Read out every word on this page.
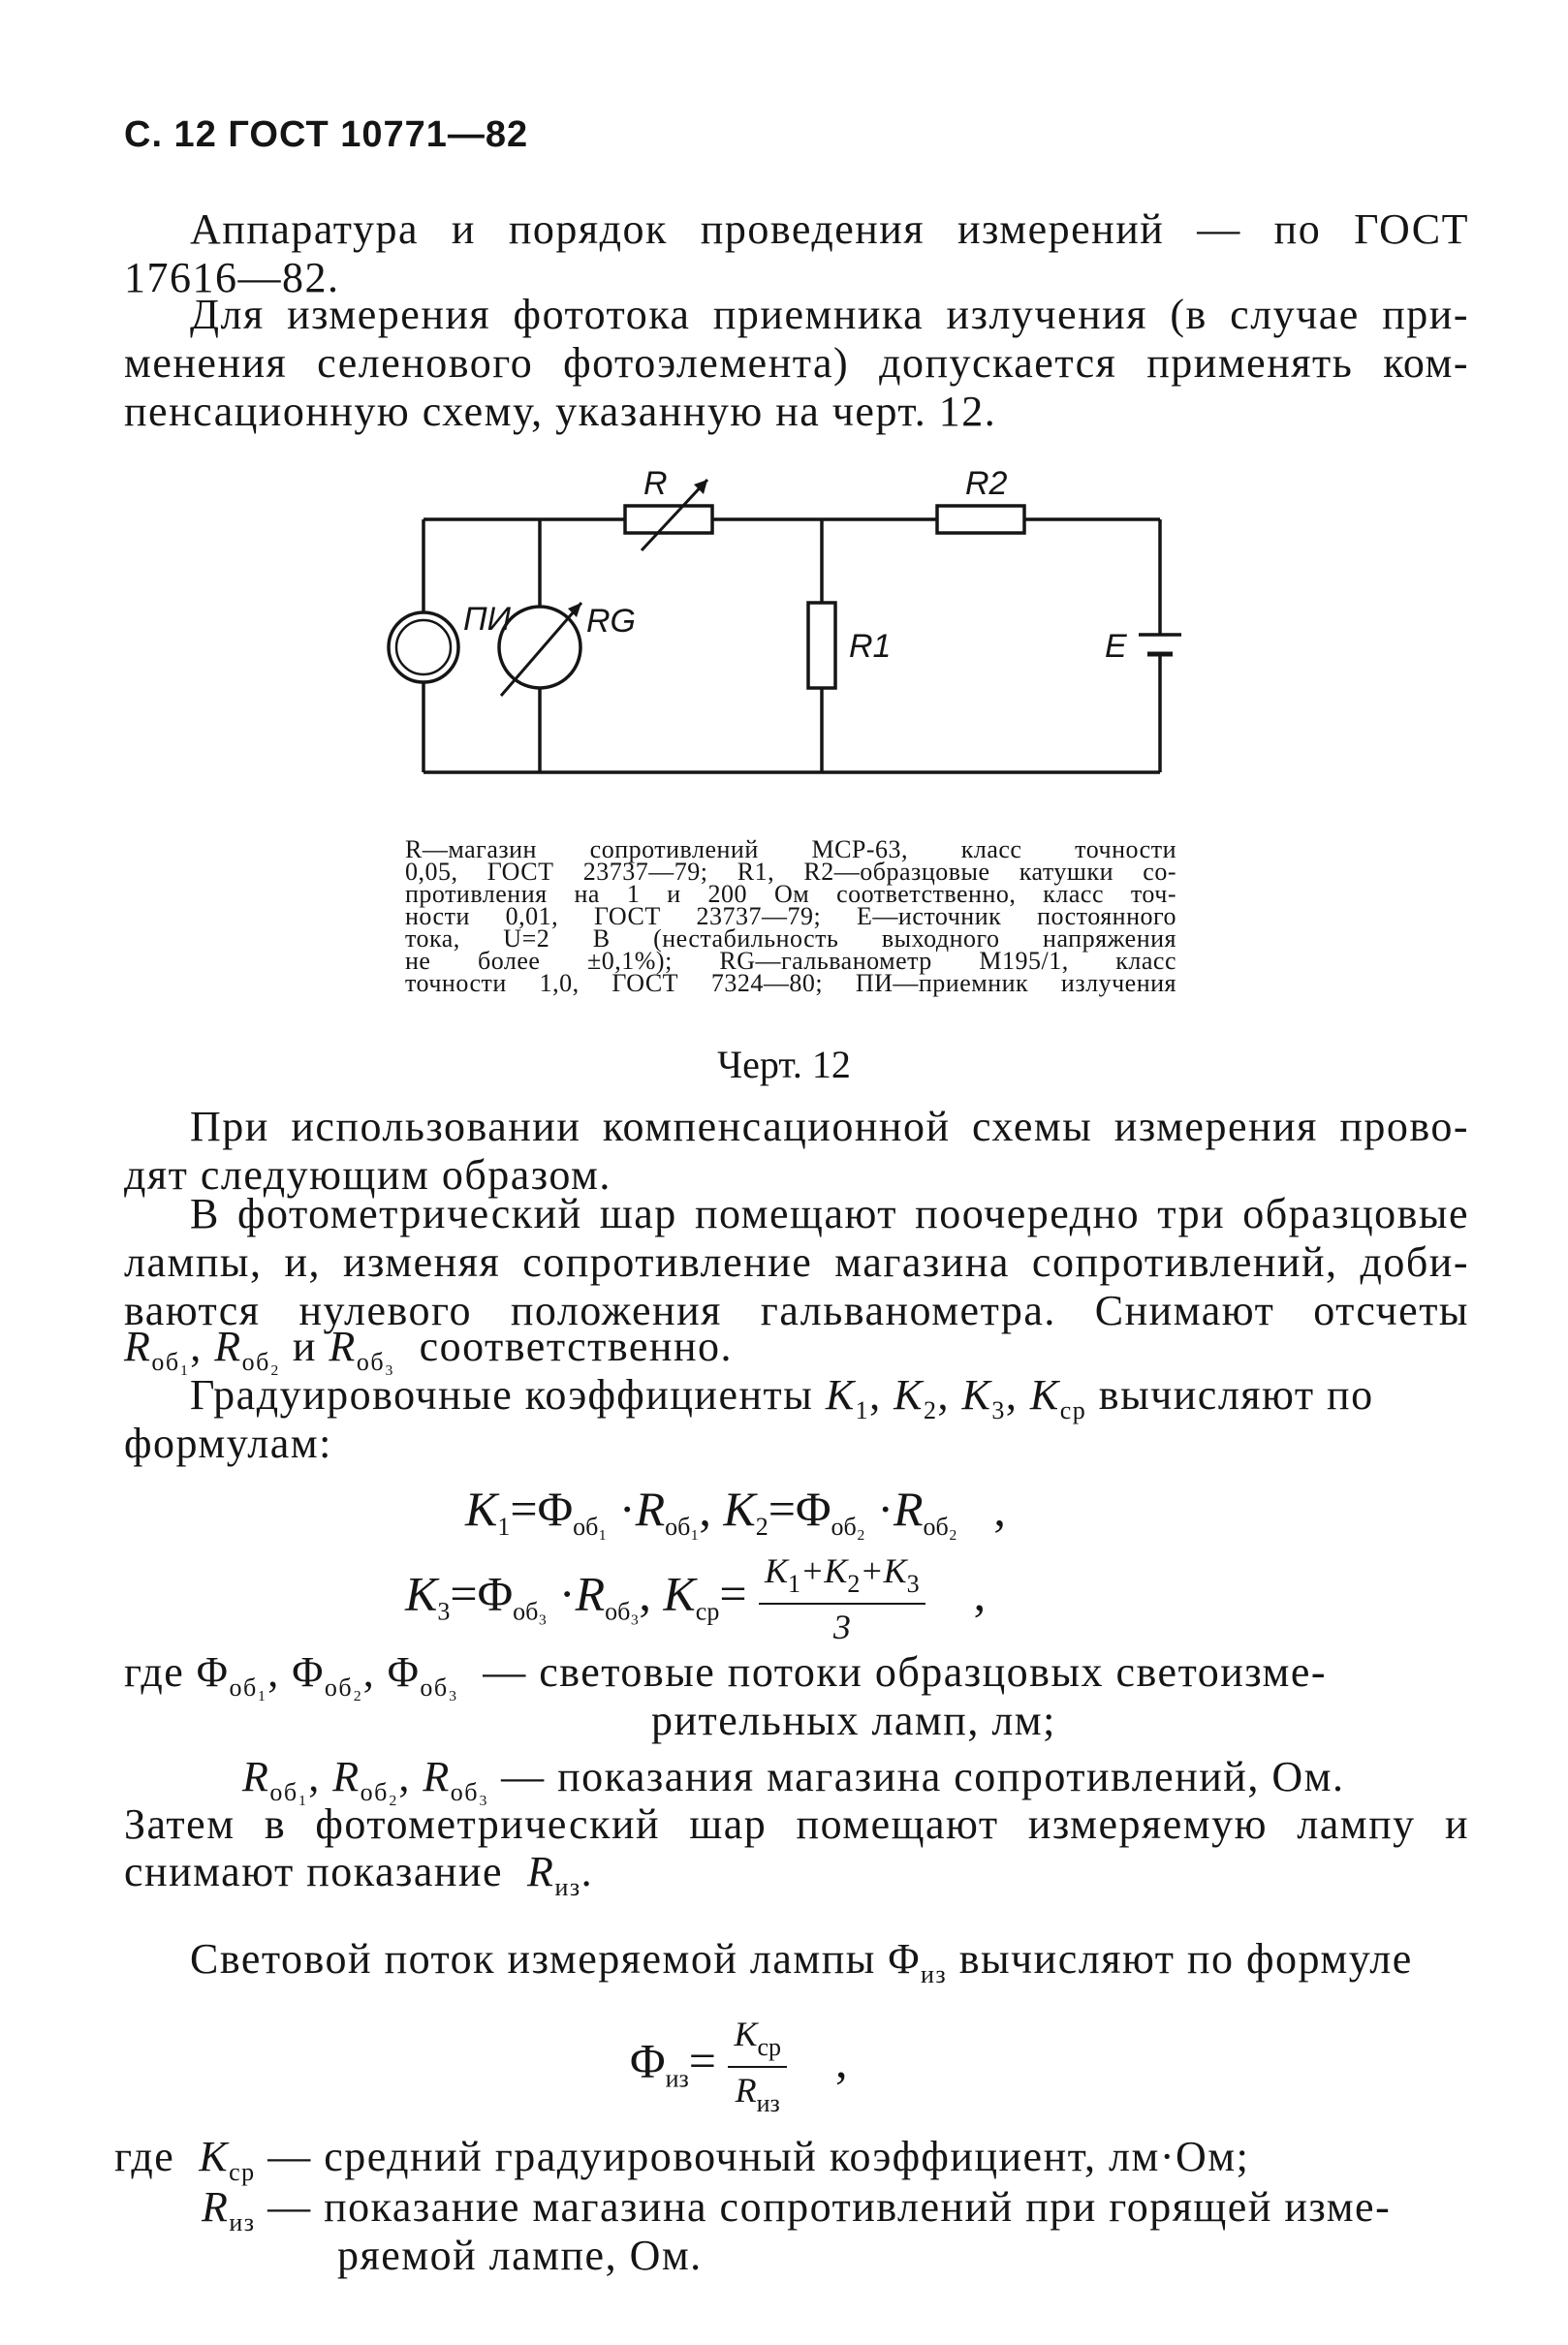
С. 12 ГОСТ 10771—82
Аппаратура и порядок проведения измерений — по ГОСТ
17616—82.
Для измерения фототока приемника излучения (в случае при-
менения селенового фотоэлемента) допускается применять ком-
пенсационную схему, указанную на черт. 12.
R	R2
ПИ RG
R1	E
R—магазин сопротивлений МСР-63, класс точности
0,05, ГОСТ 23737—79; R1, R2—образцовые катушки со-
противления на 1 и 200 Ом соответственно, класс точ-
ности 0,01, ГОСТ 23737—79; E—источник постоянного
тока, U=2 В (нестабильность выходного напряжения
не более ±0,1%); RG—гальванометр М195/1, класс
точности 1,0, ГОСТ 7324—80; ПИ—приемник излучения
Черт. 12
При использовании компенсационной схемы измерения прово-
дят следующим образом.
В фотометрический шар помещают поочередно три образцовые
лампы, и, изменяя сопротивление магазина сопротивлений, доби-
ваются нулевого положения гальванометра. Снимают отсчеты
$R_{об_1}$, $R_{об_2}$ и $R_{об_3}$ соответственно.
Градуировочные коэффициенты $K_1$, $K_2$, $K_3$, $K_{ср}$ вычисляют по
формулам:
$K_1=\Phi_{об_1} \cdot R_{об_1}$, $K_2=\Phi_{об_2} \cdot R_{об_2}$   ,
$K_3=\Phi_{об_3} \cdot R_{об_3}$, $K_{ср}= \frac{K_1+K_2+K_3}{3}$ ,
где $\Phi_{об_1}$, $\Phi_{об_2}$, $\Phi_{об_3}$ — световые потоки образцовых светоизме-
рительных ламп, лм;
$R_{об_1}$, $R_{об_2}$, $R_{об_3}$ — показания магазина сопротивлений, Ом.
Затем в фотометрический шар помещают измеряемую лампу и
снимают показание $R_{из}$.
Световой поток измеряемой лампы $\Phi_{из}$ вычисляют по формуле
$\Phi_{из}= \frac{K_{ср}}{R_{из}}$ ,
где $K_{ср}$ — средний градуировочный коэффициент, лм·Ом;
$R_{из}$ — показание магазина сопротивлений при горящей изме-
ряемой лампе, Ом.
